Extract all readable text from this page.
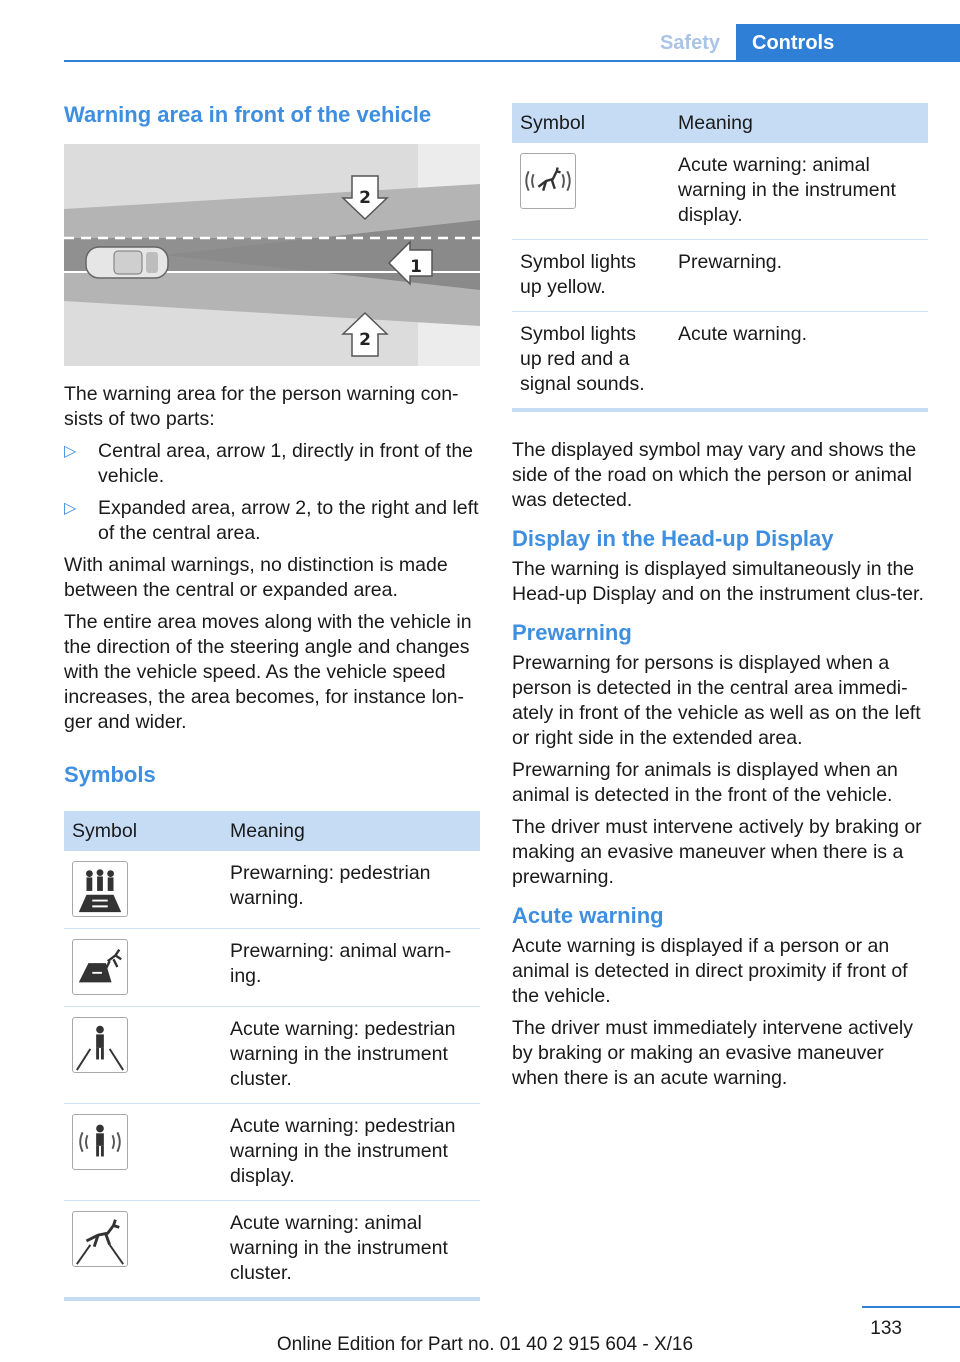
Safety	Controls
Warning area in front of the vehicle
1
2
2

The warning area for the person warning con-sists of two parts:

▷ Central area, arrow 1, directly in front of the vehicle.
▷ Expanded area, arrow 2, to the right and left of the central area.

With animal warnings, no distinction is made between the central or expanded area.

The entire area moves along with the vehicle in the direction of the steering angle and changes with the vehicle speed. As the vehicle speed increases, the area becomes, for instance lon-ger and wider.

Symbols
Symbol	Meaning

	Prewarning: pedestrian warning.

	Prewarning: animal warn-ing.

	Acute warning: pedestrian warning in the instrument cluster.

	Acute warning: pedestrian warning in the instrument display.

	Acute warning: animal warning in the instrument cluster.
Symbol	Meaning

	Acute warning: animal warning in the instrument display.
Symbol lights up yellow.	Prewarning.
Symbol lights up red and a signal sounds.	Acute warning.

The displayed symbol may vary and shows the side of the road on which the person or animal was detected.

Display in the Head-up Display

The warning is displayed simultaneously in the Head-up Display and on the instrument clus-ter.

Prewarning

Prewarning for persons is displayed when a person is detected in the central area immedi-ately in front of the vehicle as well as on the left or right side in the extended area.

Prewarning for animals is displayed when an animal is detected in the front of the vehicle.

The driver must intervene actively by braking or making an evasive maneuver when there is a prewarning.

Acute warning

Acute warning is displayed if a person or an animal is detected in direct proximity if front of the vehicle.

The driver must immediately intervene actively by braking or making an evasive maneuver when there is an acute warning.

133
Online Edition for Part no. 01 40 2 915 604 - X/16
